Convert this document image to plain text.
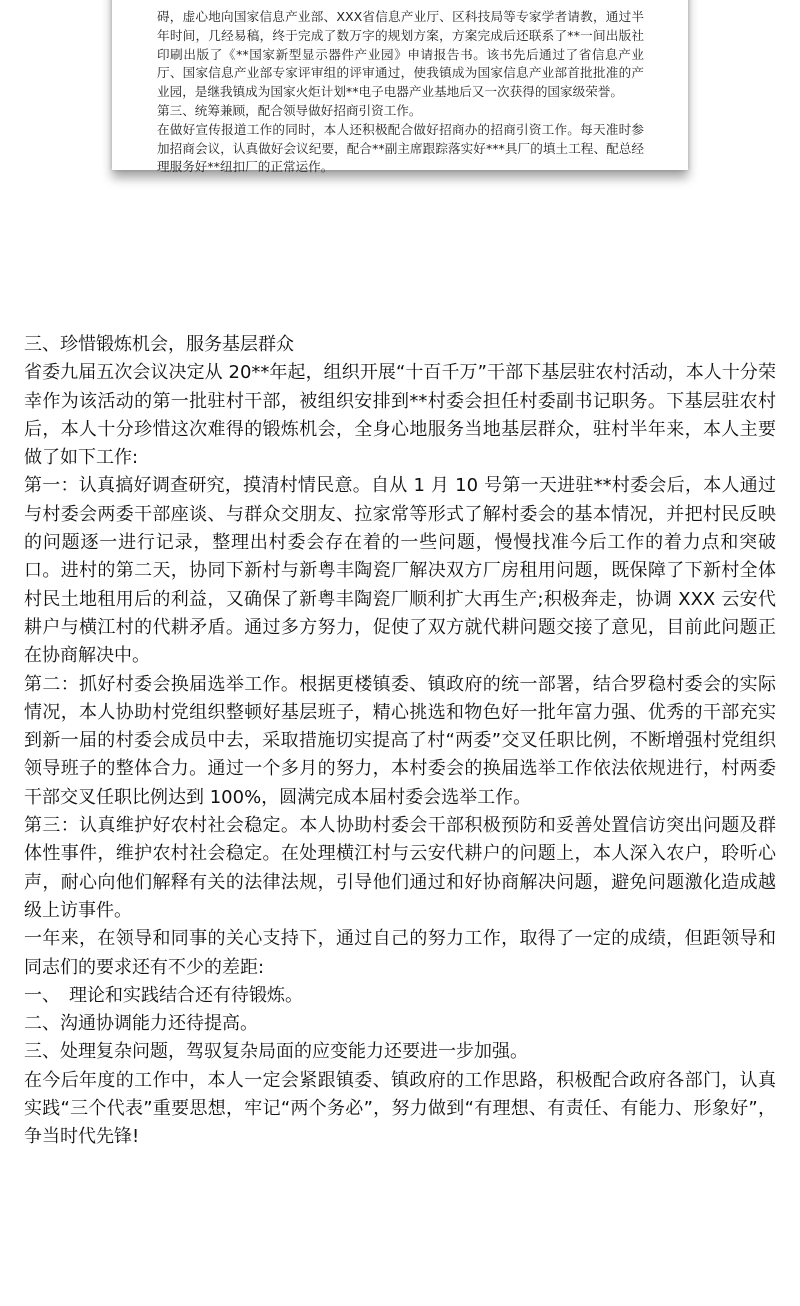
碍，虚心地向国家信息产业部、XXX省信息产业厅、区科技局等专家学者请教，通过半年时间，几经易稿，终于完成了数万字的规划方案，方案完成后还联系了**一间出版社印刷出版了《**国家新型显示器件产业园》申请报告书。该书先后通过了省信息产业厅、国家信息产业部专家评审组的评审通过，使我镇成为国家信息产业部首批批准的产业园，是继我镇成为国家火炬计划**电子电器产业基地后又一次获得的国家级荣誉。

第三、统筹兼顾，配合领导做好招商引资工作。

在做好宣传报道工作的同时，本人还积极配合做好招商办的招商引资工作。每天准时参加招商会议，认真做好会议纪要，配合**副主席跟踪落实好***具厂的填土工程、配总经理服务好**纽扣厂的正常运作。

三、珍惜锻炼机会，服务基层群众

省委九届五次会议决定从 20**年起，组织开展“十百千万”干部下基层驻农村活动，本人十分荣幸作为该活动的第一批驻村干部，被组织安排到**村委会担任村委副书记职务。下基层驻农村后，本人十分珍惜这次难得的锻炼机会，全身心地服务当地基层群众，驻村半年来，本人主要做了如下工作:

第一：认真搞好调查研究，摸清村情民意。自从 1 月 10 号第一天进驻**村委会后，本人通过与村委会两委干部座谈、与群众交朋友、拉家常等形式了解村委会的基本情况，并把村民反映的问题逐一进行记录，整理出村委会存在着的一些问题，慢慢找准今后工作的着力点和突破口。进村的第二天，协同下新村与新粤丰陶瓷厂解决双方厂房租用问题，既保障了下新村全体村民土地租用后的利益，又确保了新粤丰陶瓷厂顺利扩大再生产;积极奔走，协调 XXX 云安代耕户与横江村的代耕矛盾。通过多方努力，促使了双方就代耕问题交接了意见，目前此问题正在协商解决中。

第二：抓好村委会换届选举工作。根据更楼镇委、镇政府的统一部署，结合罗稳村委会的实际情况，本人协助村党组织整顿好基层班子，精心挑选和物色好一批年富力强、优秀的干部充实到新一届的村委会成员中去，采取措施切实提高了村“两委”交叉任职比例，不断增强村党组织领导班子的整体合力。通过一个多月的努力，本村委会的换届选举工作依法依规进行，村两委干部交叉任职比例达到 100%，圆满完成本届村委会选举工作。

第三：认真维护好农村社会稳定。本人协助村委会干部积极预防和妥善处置信访突出问题及群体性事件，维护农村社会稳定。在处理横江村与云安代耕户的问题上，本人深入农户，聆听心声，耐心向他们解释有关的法律法规，引导他们通过和好协商解决问题，避免问题激化造成越级上访事件。

一年来，在领导和同事的关心支持下，通过自己的努力工作，取得了一定的成绩，但距领导和同志们的要求还有不少的差距:

一、　理论和实践结合还有待锻炼。

二、沟通协调能力还待提高。

三、处理复杂问题，驾驭复杂局面的应变能力还要进一步加强。

在今后年度的工作中，本人一定会紧跟镇委、镇政府的工作思路，积极配合政府各部门，认真实践“三个代表”重要思想，牢记“两个务必”，努力做到“有理想、有责任、有能力、形象好”，争当时代先锋!
